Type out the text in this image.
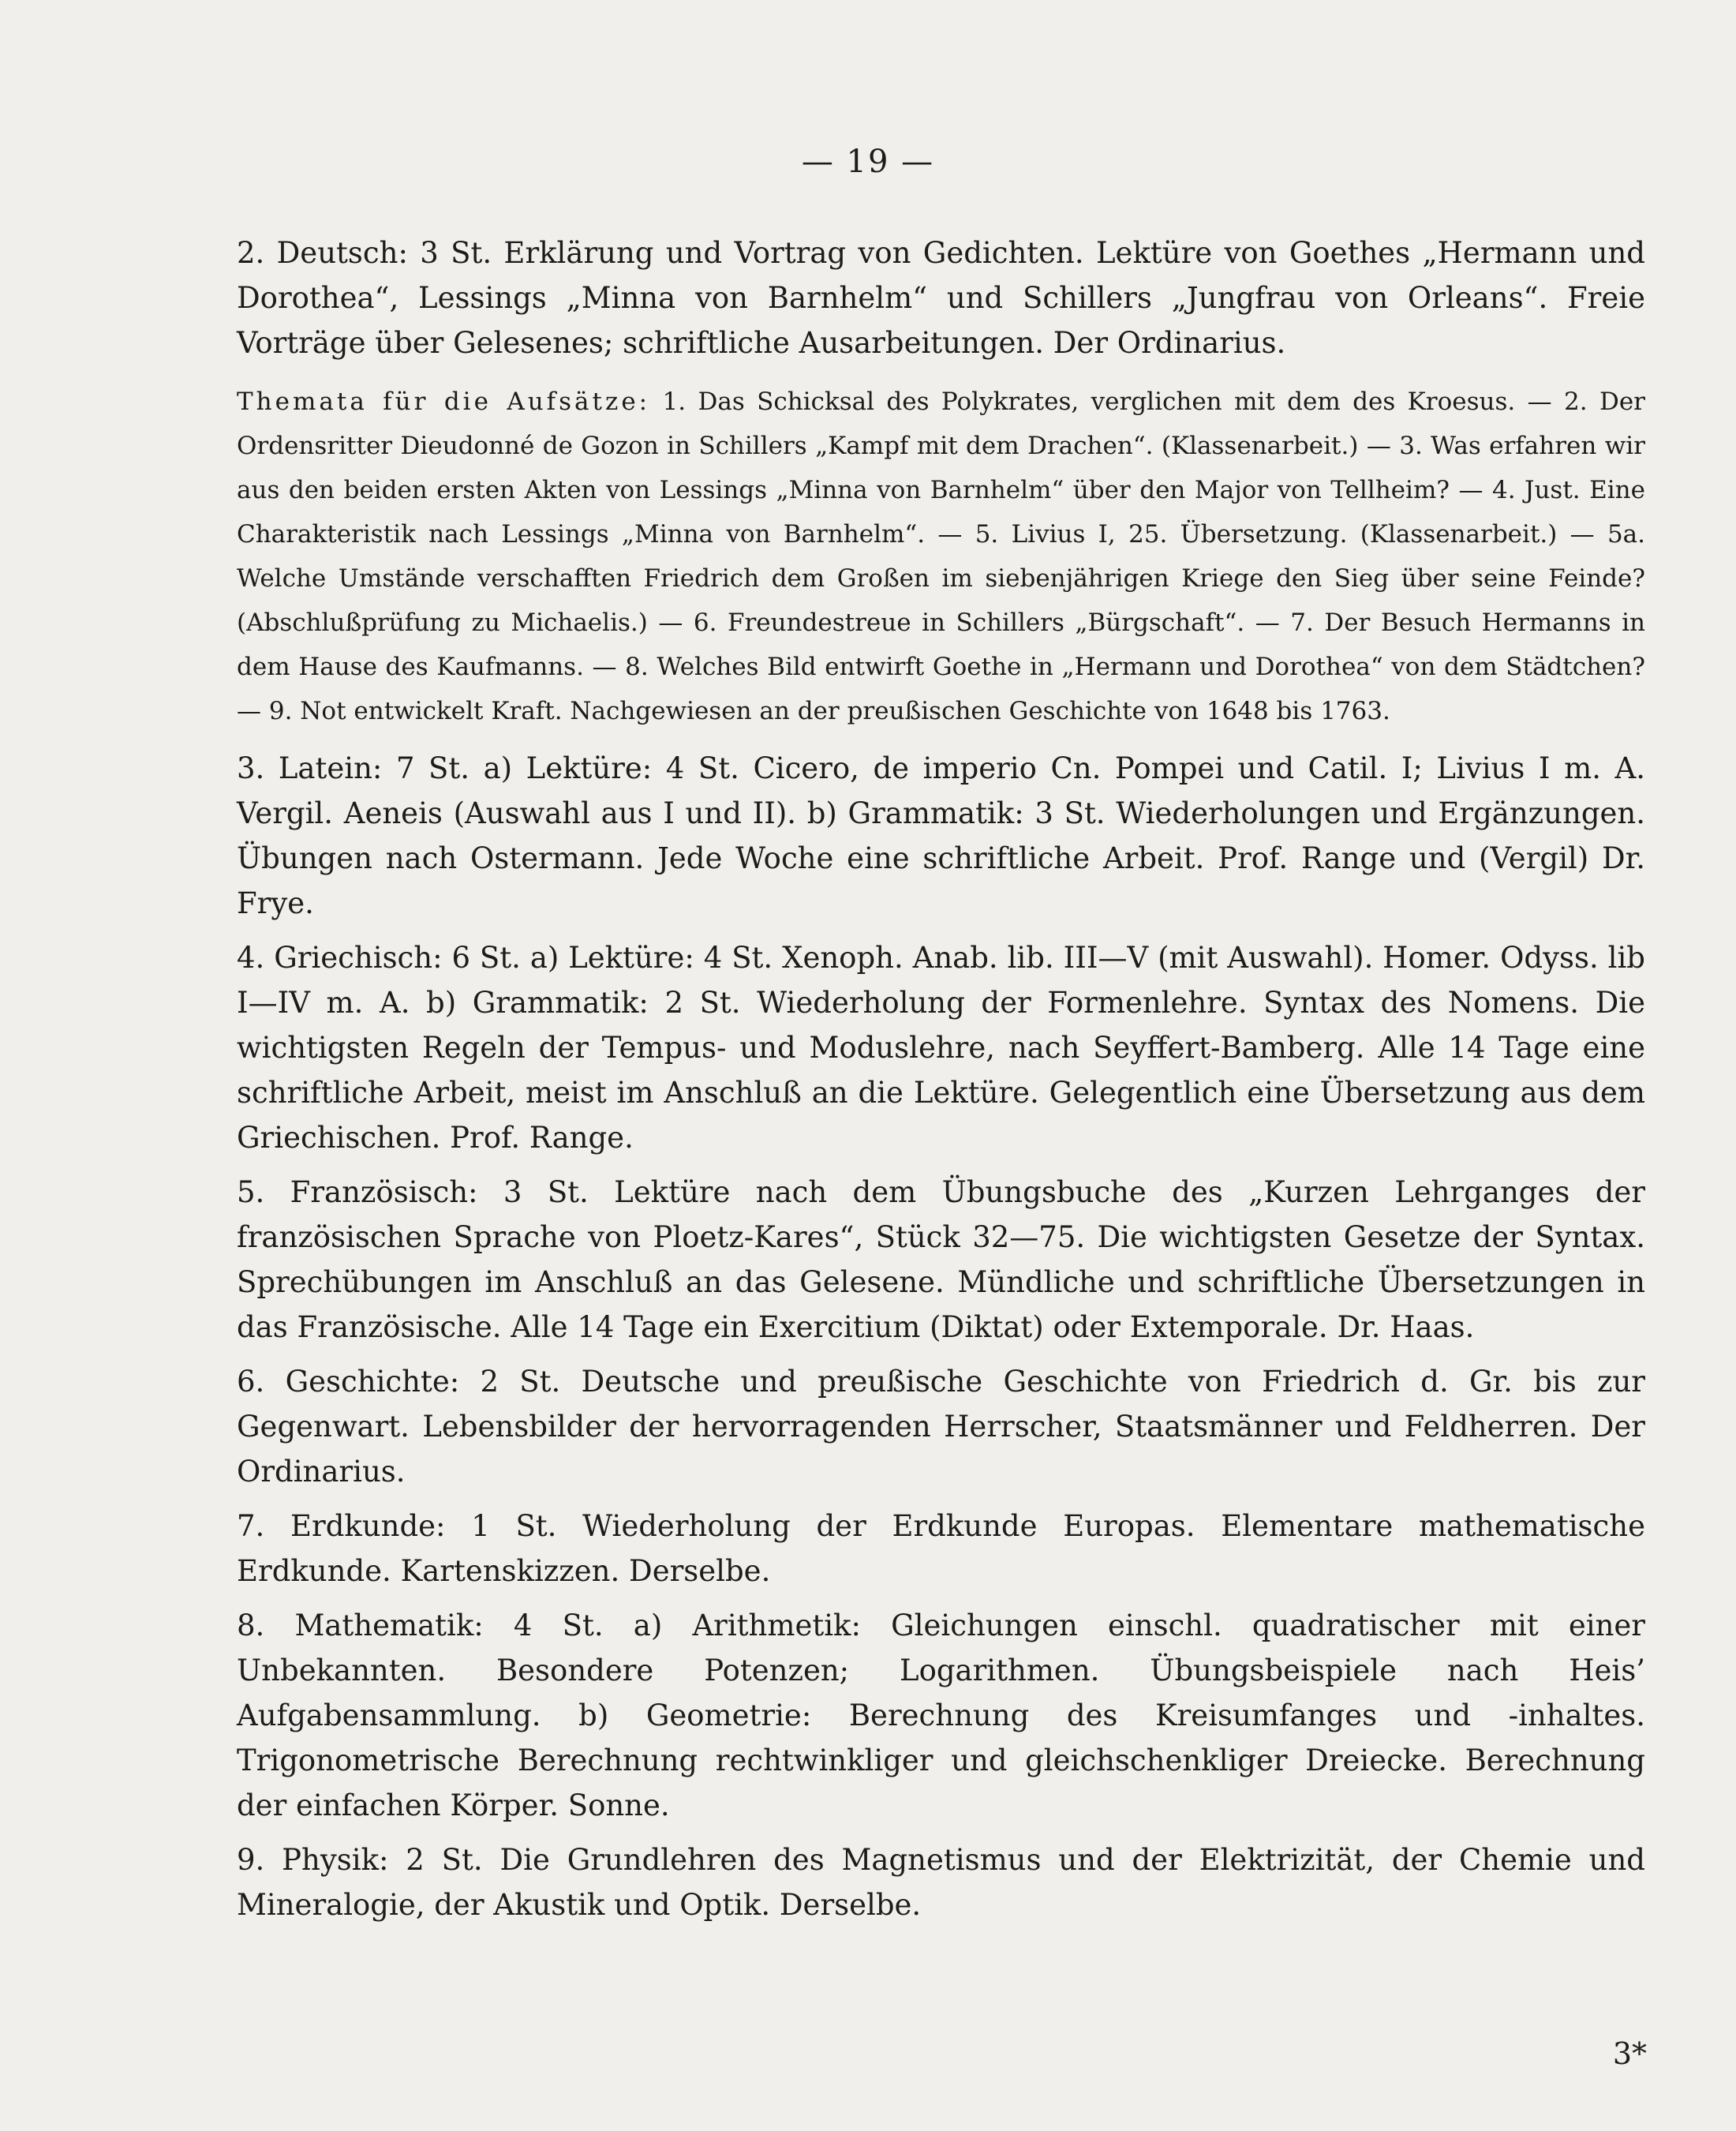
— 19 —

2. Deutsch: 3 St. Erklärung und Vortrag von Gedichten. Lektüre von Goethes „Hermann und Dorothea“, Lessings „Minna von Barnhelm“ und Schillers „Jungfrau von Orleans“. Freie Vorträge über Gelesenes; schriftliche Ausarbeitungen. Der Ordinarius.

Themata für die Aufsätze: 1. Das Schicksal des Polykrates, verglichen mit dem des Kroesus. — 2. Der Ordensritter Dieudonné de Gozon in Schillers „Kampf mit dem Drachen“. (Klassenarbeit.) — 3. Was erfahren wir aus den beiden ersten Akten von Lessings „Minna von Barnhelm“ über den Major von Tellheim? — 4. Just. Eine Charakteristik nach Lessings „Minna von Barnhelm“. — 5. Livius I, 25. Übersetzung. (Klassenarbeit.) — 5a. Welche Umstände verschafften Friedrich dem Großen im siebenjährigen Kriege den Sieg über seine Feinde? (Abschlußprüfung zu Michaelis.) — 6. Freundestreue in Schillers „Bürgschaft“. — 7. Der Besuch Hermanns in dem Hause des Kaufmanns. — 8. Welches Bild entwirft Goethe in „Hermann und Dorothea“ von dem Städtchen? — 9. Not entwickelt Kraft. Nachgewiesen an der preußischen Geschichte von 1648 bis 1763.

3. Latein: 7 St. a) Lektüre: 4 St. Cicero, de imperio Cn. Pompei und Catil. I; Livius I m. A. Vergil. Aeneis (Auswahl aus I und II). b) Grammatik: 3 St. Wiederholungen und Ergänzungen. Übungen nach Ostermann. Jede Woche eine schriftliche Arbeit. Prof. Range und (Vergil) Dr. Frye.

4. Griechisch: 6 St. a) Lektüre: 4 St. Xenoph. Anab. lib. III—V (mit Auswahl). Homer. Odyss. lib I—IV m. A. b) Grammatik: 2 St. Wiederholung der Formenlehre. Syntax des Nomens. Die wichtigsten Regeln der Tempus- und Moduslehre, nach Seyffert-Bamberg. Alle 14 Tage eine schriftliche Arbeit, meist im Anschluß an die Lektüre. Gelegentlich eine Übersetzung aus dem Griechischen. Prof. Range.

5. Französisch: 3 St. Lektüre nach dem Übungsbuche des „Kurzen Lehrganges der französischen Sprache von Ploetz-Kares“, Stück 32—75. Die wichtigsten Gesetze der Syntax. Sprechübungen im Anschluß an das Gelesene. Mündliche und schriftliche Übersetzungen in das Französische. Alle 14 Tage ein Exercitium (Diktat) oder Extemporale. Dr. Haas.

6. Geschichte: 2 St. Deutsche und preußische Geschichte von Friedrich d. Gr. bis zur Gegenwart. Lebensbilder der hervorragenden Herrscher, Staatsmänner und Feldherren. Der Ordinarius.

7. Erdkunde: 1 St. Wiederholung der Erdkunde Europas. Elementare mathematische Erdkunde. Kartenskizzen. Derselbe.

8. Mathematik: 4 St. a) Arithmetik: Gleichungen einschl. quadratischer mit einer Unbekannten. Besondere Potenzen; Logarithmen. Übungsbeispiele nach Heis’ Aufgabensammlung. b) Geometrie: Berechnung des Kreisumfanges und -inhaltes. Trigonometrische Berechnung rechtwinkliger und gleichschenkliger Dreiecke. Berechnung der einfachen Körper. Sonne.

9. Physik: 2 St. Die Grundlehren des Magnetismus und der Elektrizität, der Chemie und Mineralogie, der Akustik und Optik. Derselbe.

3*
